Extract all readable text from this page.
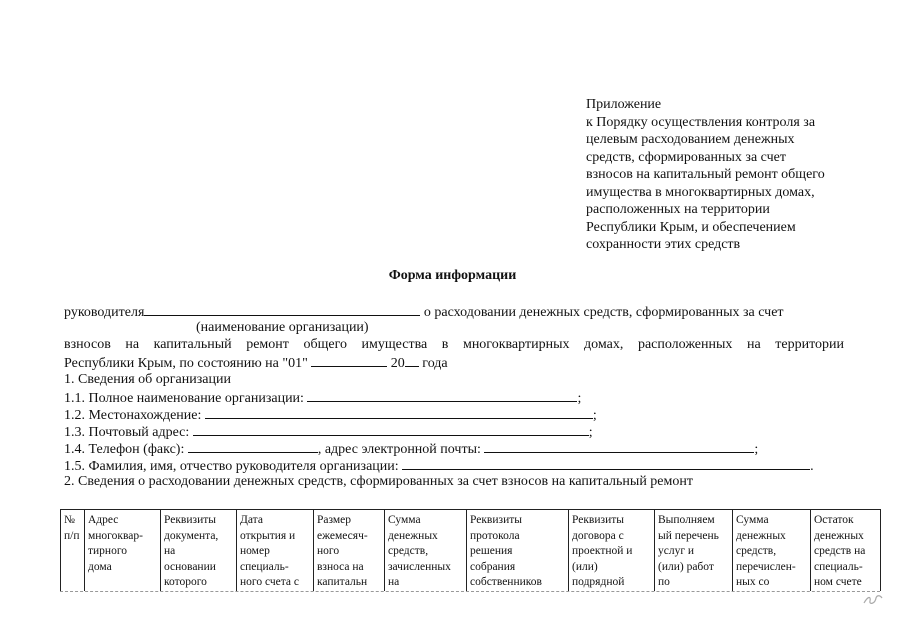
Приложение
к Порядку осуществления контроля за
целевым расходованием денежных
средств, сформированных за счет
взносов на капитальный ремонт общего
имущества в многоквартирных домах,
расположенных на территории
Республики Крым, и обеспечением
сохранности этих средств
Форма информации
руководителя	о расходовании денежных средств, сформированных за счет
(наименование организации)
взносов на капитальный ремонт общего имущества в многоквартирных домах, расположенных на территории
Республики Крым, по состоянию на "01"	20 года
1. Сведения об организации
1.1. Полное наименование организации:	;
1.2. Местонахождение:	;
1.3. Почтовый адрес:	;
1.4. Телефон (факс):	, адрес электронной почты:	;
1.5. Фамилия, имя, отчество руководителя организации:	.
2. Сведения о расходовании денежных средств, сформированных за счет взносов на капитальный ремонт
№
п/п

Адрес
многоквар-
тирного
дома

Реквизиты
документа,
на
основании
которого

Дата
открытия и
номер
специаль-
ного счета с

Размер
ежемесяч-
ного
взноса на
капитальн

Сумма
денежных
средств,
зачисленных
на

Реквизиты
протокола
решения
собрания
собственников

Реквизиты
договора с
проектной и
(или)
подрядной

Выполняем
ый перечень
услуг и
(или) работ
по

Сумма
денежных
средств,
перечислен-
ных со

Остаток
денежных
средств на
специаль-
ном счете
